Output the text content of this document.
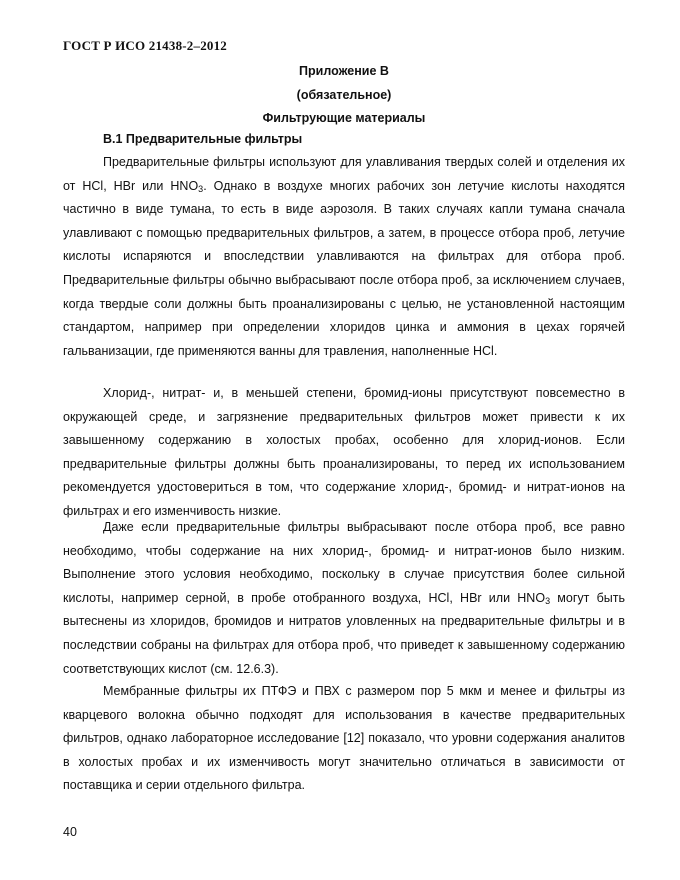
ГОСТ Р ИСО 21438-2–2012
Приложение В
(обязательное)
Фильтрующие материалы
В.1 Предварительные фильтры

Предварительные фильтры используют для улавливания твердых солей и отделения их от HCl, HBr или $HNO_3$. Однако в воздухе многих рабочих зон летучие кислоты находятся частично в виде тумана, то есть в виде аэрозоля. В таких случаях капли тумана сначала улавливают с помощью предварительных фильтров, а затем, в процессе отбора проб, летучие кислоты испаряются и впоследствии улавливаются на фильтрах для отбора проб. Предварительные фильтры обычно выбрасывают после отбора проб, за исключением случаев, когда твердые соли должны быть проанализированы с целью, не установленной настоящим стандартом, например при определении хлоридов цинка и аммония в цехах горячей гальванизации, где применяются ванны для травления, наполненные HCl.

Хлорид-, нитрат- и, в меньшей степени, бромид-ионы присутствуют повсеместно в окружающей среде, и загрязнение предварительных фильтров может привести к их завышенному содержанию в холостых пробах, особенно для хлорид-ионов. Если предварительные фильтры должны быть проанализированы, то перед их использованием рекомендуется удостовериться в том, что содержание хлорид-, бромид- и нитрат-ионов на фильтрах и его изменчивость низкие.

Даже если предварительные фильтры выбрасывают после отбора проб, все равно необходимо, чтобы содержание на них хлорид-, бромид- и нитрат-ионов было низким. Выполнение этого условия необходимо, поскольку в случае присутствия более сильной кислоты, например серной, в пробе отобранного воздуха, HCl, HBr или $HNO_3$ могут быть вытеснены из хлоридов, бромидов и нитратов уловленных на предварительные фильтры и в последствии собраны на фильтрах для отбора проб, что приведет к завышенному содержанию соответствующих кислот (см. 12.6.3).

Мембранные фильтры их ПТФЭ и ПВХ с размером пор 5 мкм и менее и фильтры из кварцевого волокна обычно подходят для использования в качестве предварительных фильтров, однако лабораторное исследование [12] показало, что уровни содержания аналитов в холостых пробах и их изменчивость могут значительно отличаться в зависимости от поставщика и серии отдельного фильтра.

40
